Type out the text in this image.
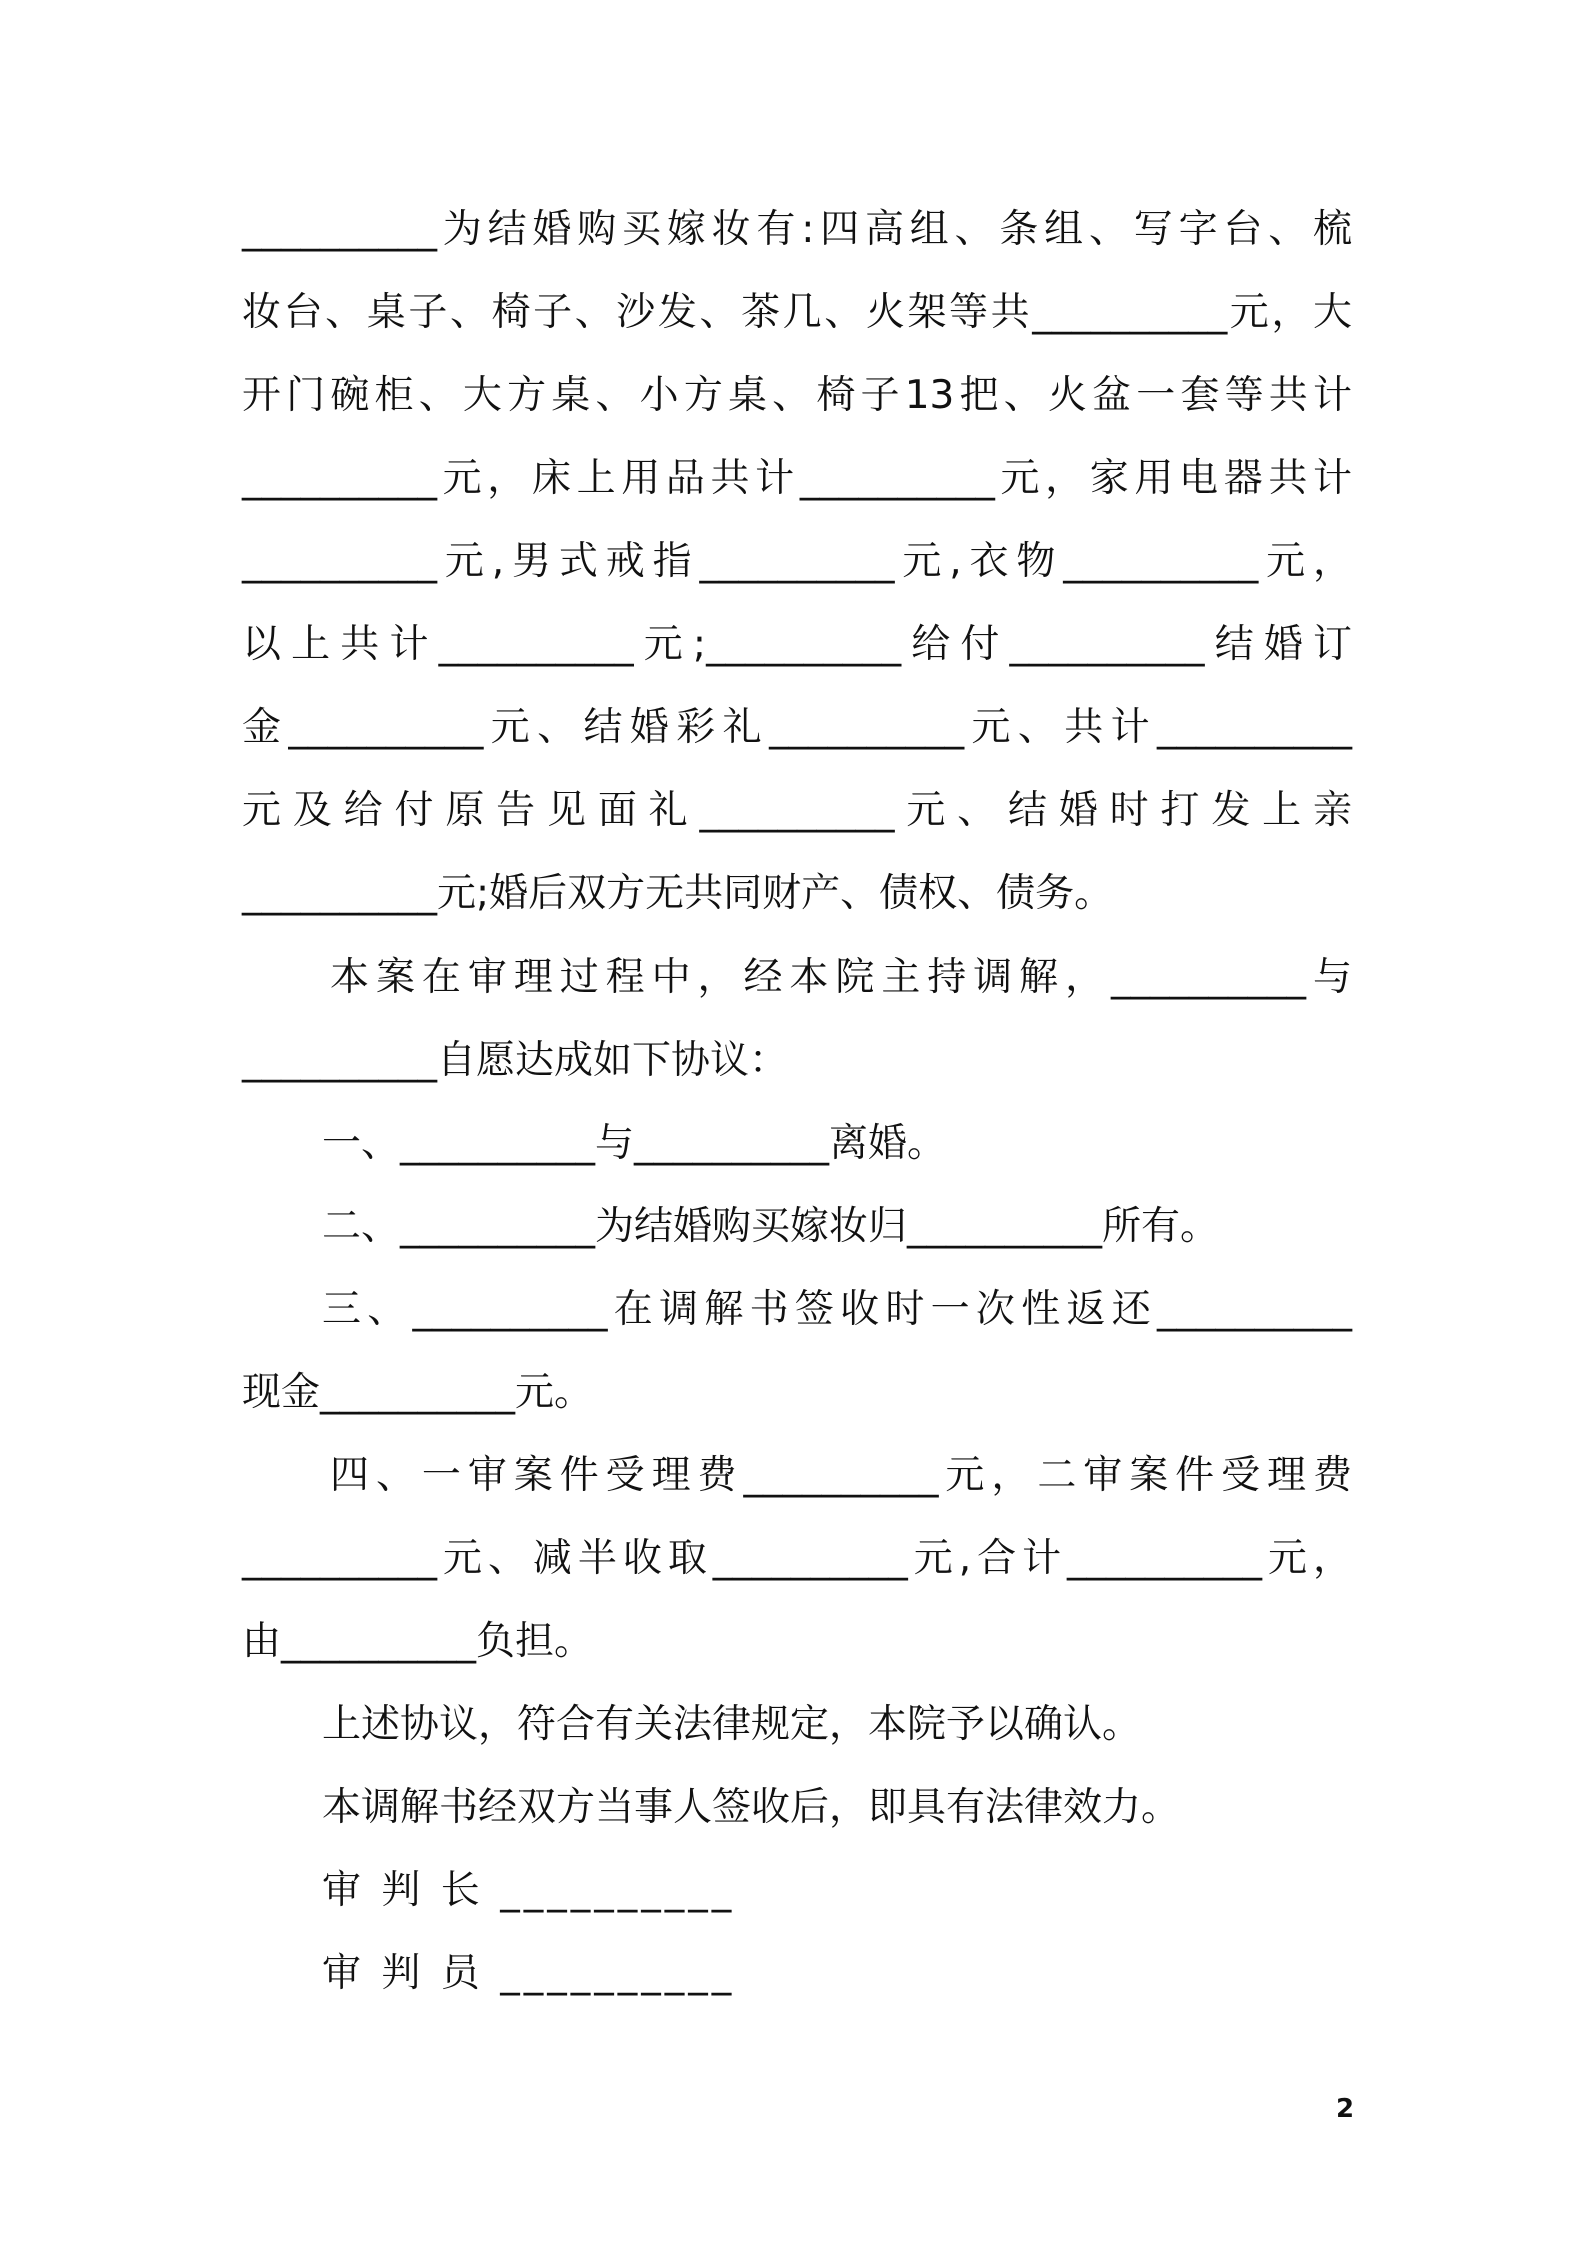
__________为结婚购买嫁妆有:四高组、条组、写字台、梳
妆台、桌子、椅子、沙发、茶几、火架等共__________元，大
开门碗柜、大方桌、小方桌、椅子13把、火盆一套等共计
__________元，床上用品共计__________元，家用电器共计
__________元,男式戒指__________元,衣物__________元，
以上共计__________元;__________给付__________结婚订
金__________元、结婚彩礼__________元、共计__________
元及给付原告见面礼__________元、结婚时打发上亲
__________元;婚后双方无共同财产、债权、债务。
本案在审理过程中，经本院主持调解，__________与
__________自愿达成如下协议：
一、__________与__________离婚。
二、__________为结婚购买嫁妆归__________所有。
三、__________在调解书签收时一次性返还__________
现金__________元。
四、一审案件受理费__________元，二审案件受理费
__________元、减半收取__________元,合计__________元，
由__________负担。
上述协议，符合有关法律规定，本院予以确认。
本调解书经双方当事人签收后，即具有法律效力。
审 判 长 __________
审 判 员 __________
2
